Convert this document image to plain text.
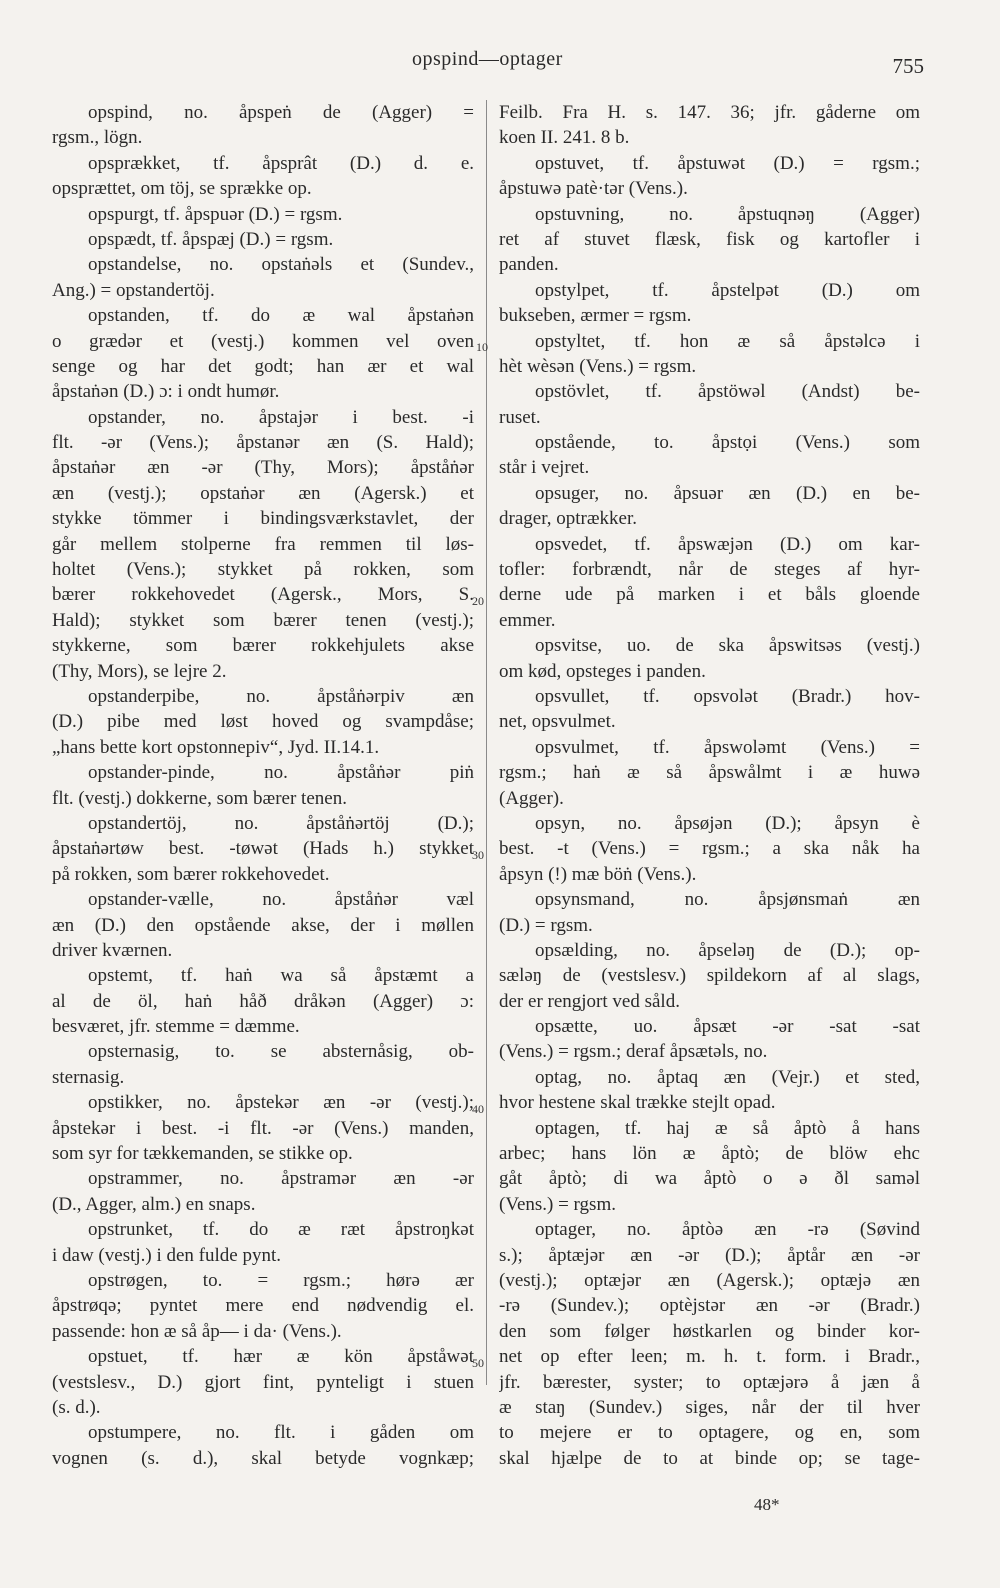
opspind—optager	755
opspind, no. åpspeṅ de (Agger) =
rgsm., lögn.
opsprækket, tf. åpsprât (D.) d. e.
opsprættet, om töj, se sprække op.
opspurgt, tf. åpspuər (D.) = rgsm.
opspædt, tf. åpspæj (D.) = rgsm.
opstandelse, no. opstaṅəls et (Sundev.,
Ang.) = opstandertöj.
opstanden, tf. do æ wal åpstaṅən
o grædər et (vestj.) kommen vel oven
senge og har det godt; han ær et wal
åpstaṅən (D.) ɔ: i ondt humør.
opstander, no. åpstajər i best. -i
flt. -ər (Vens.); åpstanər æn (S. Hald);
åpstaṅər æn -ər (Thy, Mors); åpståṅər
æn (vestj.); opstaṅər æn (Agersk.) et
stykke tömmer i bindingsværkstavlet, der
går mellem stolperne fra remmen til løs-
holtet (Vens.); stykket på rokken, som
bærer rokkehovedet (Agersk., Mors, S.
Hald); stykket som bærer tenen (vestj.);
stykkerne, som bærer rokkehjulets akse
(Thy, Mors), se lejre 2.
opstanderpibe, no. åpståṅərpiv æn
(D.) pibe med løst hoved og svampdåse;
„hans bette kort opstonnepiv“, Jyd. II.14.1.
opstander-pinde, no. åpståṅər piṅ
flt. (vestj.) dokkerne, som bærer tenen.
opstandertöj, no. åpståṅərtöj (D.);
åpstaṅərtøw best. -tøwət (Hads h.) stykket
på rokken, som bærer rokkehovedet.
opstander-vælle, no. åpståṅər væl
æn (D.) den opstående akse, der i møllen
driver kværnen.
opstemt, tf. haṅ wa så åpstæmt a
al de öl, haṅ håð dråkən (Agger) ɔ:
besværet, jfr. stemme = dæmme.
opsternasig, to. se absternåsig, ob-
sternasig.
opstikker, no. åpstekər æn -ər (vestj.);
åpstekər i best. -i flt. -ər (Vens.) manden,
som syr for tækkemanden, se stikke op.
opstrammer, no. åpstramər æn -ər
(D., Agger, alm.) en snaps.
opstrunket, tf. do æ ræt åpstroŋkət
i daw (vestj.) i den fulde pynt.
opstrøgen, to. = rgsm.; hørə ær
åpstrøqə; pyntet mere end nødvendig el.
passende: hon æ så åp— i da· (Vens.).
opstuet, tf. hær æ kön åpståwət
(vestslesv., D.) gjort fint, pynteligt i stuen
(s. d.).
opstumpere, no. flt. i gåden om
vognen (s. d.), skal betyde vognkæp;
Feilb. Fra H. s. 147. 36; jfr. gåderne om
koen II. 241. 8 b.
opstuvet, tf. åpstuwət (D.) = rgsm.;
åpstuwə patè·tər (Vens.).
opstuvning, no. åpstuqnəŋ (Agger)
ret af stuvet flæsk, fisk og kartofler i
panden.
opstylpet, tf. åpstelpət (D.) om
bukseben, ærmer = rgsm.
opstyltet, tf. hon æ så åpstəlcə i
hèt wèsən (Vens.) = rgsm.
opstövlet, tf. åpstöwəl (Andst) be-
ruset.
opstående, to. åpstọi (Vens.) som
står i vejret.
opsuger, no. åpsuər æn (D.) en be-
drager, optrækker.
opsvedet, tf. åpswæjən (D.) om kar-
tofler: forbrændt, når de steges af hyr-
derne ude på marken i et båls gloende
emmer.
opsvitse, uo. de ska åpswitsəs (vestj.)
om kød, opsteges i panden.
opsvullet, tf. opsvolət (Bradr.) hov-
net, opsvulmet.
opsvulmet, tf. åpswoləmt (Vens.) =
rgsm.; haṅ æ så åpswålmt i æ huwə
(Agger).
opsyn, no. åpsøjən (D.); åpsyn è
best. -t (Vens.) = rgsm.; a ska nåk ha
åpsyn (!) mæ böṅ (Vens.).
opsynsmand, no. åpsjønsmaṅ æn
(D.) = rgsm.
opsælding, no. åpseləŋ de (D.); op-
sæləŋ de (vestslesv.) spildekorn af al slags,
der er rengjort ved såld.
opsætte, uo. åpsæt -ər -sat -sat
(Vens.) = rgsm.; deraf åpsætəls, no.
optag, no. åptaq æn (Vejr.) et sted,
hvor hestene skal trække stejlt opad.
optagen, tf. haj æ så åptò å hans
arbec; hans lön æ åptò; de blöw ehc
gåt åptò; di wa åptò o ə ðl saməl
(Vens.) = rgsm.
optager, no. åptòə æn -rə (Søvind
s.); åptæjər æn -ər (D.); åptår æn -ər
(vestj.); optæjər æn (Agersk.); optæjə æn
-rə (Sundev.); optèjstər æn -ər (Bradr.)
den som følger høstkarlen og binder kor-
net op efter leen; m. h. t. form. i Bradr.,
jfr. bærester, syster; to optæjərə å jæn å
æ staŋ (Sundev.) siges, når der til hver
to mejere er to optagere, og en, som
skal hjælpe de to at binde op; se tage-
10
20
30
40
50
48*
